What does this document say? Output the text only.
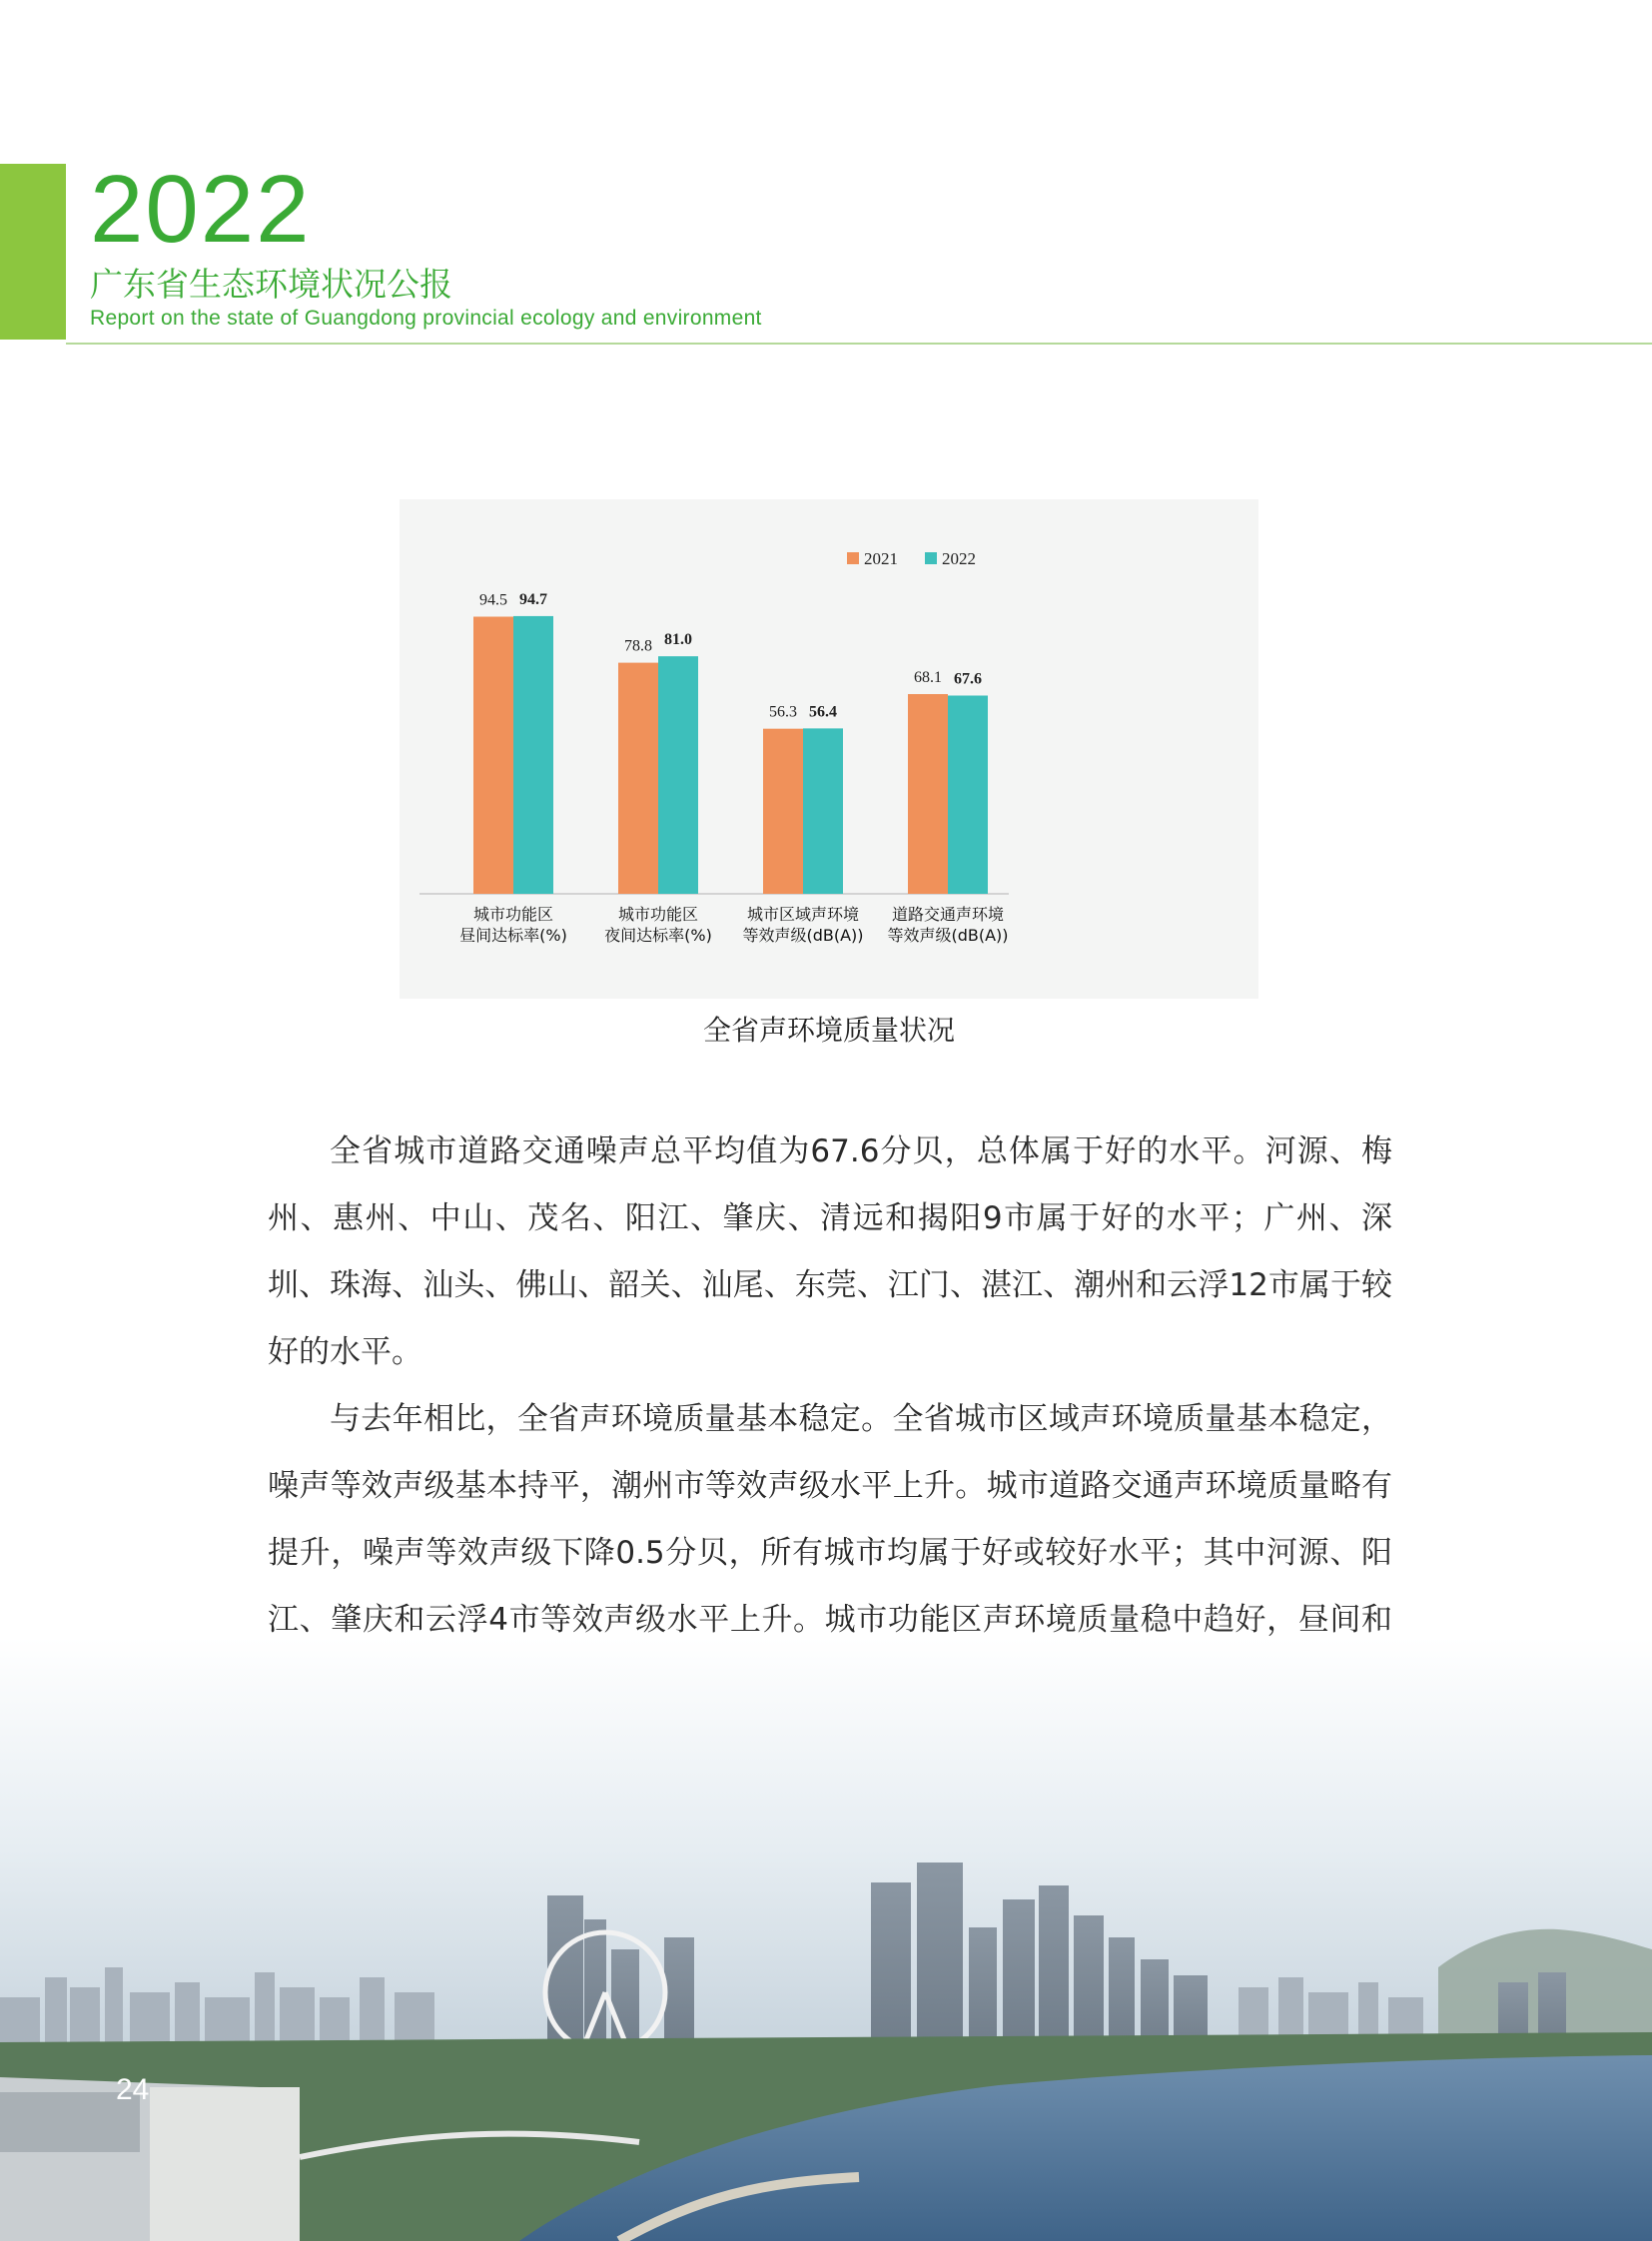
2022
广东省生态环境状况公报
Report on the state of Guangdong provincial ecology and environment
94.5 94.7
城市功能区
昼间达标率(%)
78.8 81.0
城市功能区
夜间达标率(%)
56.3 56.4
城市区域声环境
等效声级(dB(A))
68.1 67.6
道路交通声环境
等效声级(dB(A))
2021	2022
全省声环境质量状况

全省城市道路交通噪声总平均值为67.6分贝，总体属于好的水平。河源、梅州、惠州、中山、茂名、阳江、肇庆、清远和揭阳9市属于好的水平；广州、深圳、珠海、汕头、佛山、韶关、汕尾、东莞、江门、湛江、潮州和云浮12市属于较好的水平。

与去年相比，全省声环境质量基本稳定。全省城市区域声环境质量基本稳定，噪声等效声级基本持平，潮州市等效声级水平上升。城市道路交通声环境质量略有提升，噪声等效声级下降0.5分贝，所有城市均属于好或较好水平；其中河源、阳江、肇庆和云浮4市等效声级水平上升。城市功能区声环境质量稳中趋好，昼间和

24
